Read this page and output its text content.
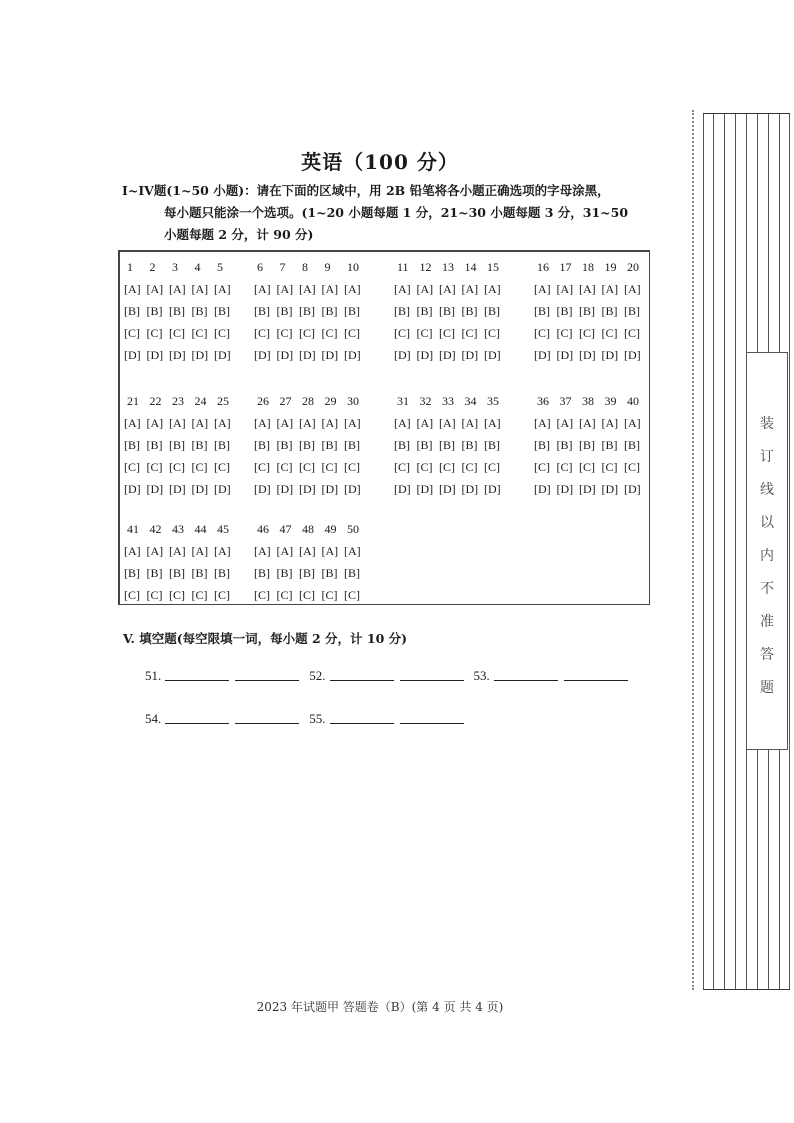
英语（100 分）
I~IV题(1~50 小题)：请在下面的区域中，用 2B 铅笔将各小题正确选项的字母涂黑，
每小题只能涂一个选项。(1~20 小题每题 1 分，21~30 小题每题 3 分，31~50
小题每题 2 分，计 90 分)
1	2	3	4	5
[A] [A] [A] [A] [A]
[B] [B] [B] [B] [B]
[C] [C] [C] [C] [C]
[D] [D] [D] [D] [D]
6	7	8	9	10
[A] [A] [A] [A] [A]
[B] [B] [B] [B] [B]
[C] [C] [C] [C] [C]
[D] [D] [D] [D] [D]
11 12 13 14 15
[A] [A] [A] [A] [A]
[B] [B] [B] [B] [B]
[C] [C] [C] [C] [C]
[D] [D] [D] [D] [D]
16 17 18 19 20
[A] [A] [A] [A] [A]
[B] [B] [B] [B] [B]
[C] [C] [C] [C] [C]
[D] [D] [D] [D] [D]
21 22 23 24 25
[A] [A] [A] [A] [A]
[B] [B] [B] [B] [B]
[C] [C] [C] [C] [C]
[D] [D] [D] [D] [D]
26 27 28 29 30
[A] [A] [A] [A] [A]
[B] [B] [B] [B] [B]
[C] [C] [C] [C] [C]
[D] [D] [D] [D] [D]
31 32 33 34 35
[A] [A] [A] [A] [A]
[B] [B] [B] [B] [B]
[C] [C] [C] [C] [C]
[D] [D] [D] [D] [D]
36 37 38 39 40
[A] [A] [A] [A] [A]
[B] [B] [B] [B] [B]
[C] [C] [C] [C] [C]
[D] [D] [D] [D] [D]
41 42 43 44 45
[A] [A] [A] [A] [A]
[B] [B] [B] [B] [B]
[C] [C] [C] [C] [C]
46 47 48 49 50
[A] [A] [A] [A] [A]
[B] [B] [B] [B] [B]
[C] [C] [C] [C] [C]
V. 填空题(每空限填一词，每小题 2 分，计 10 分)
51.	52.	53.
54.	55.
2023 年试题甲 答题卷（B）(第 4 页 共 4 页)
装
订
线
以
内
不
准
答
题
